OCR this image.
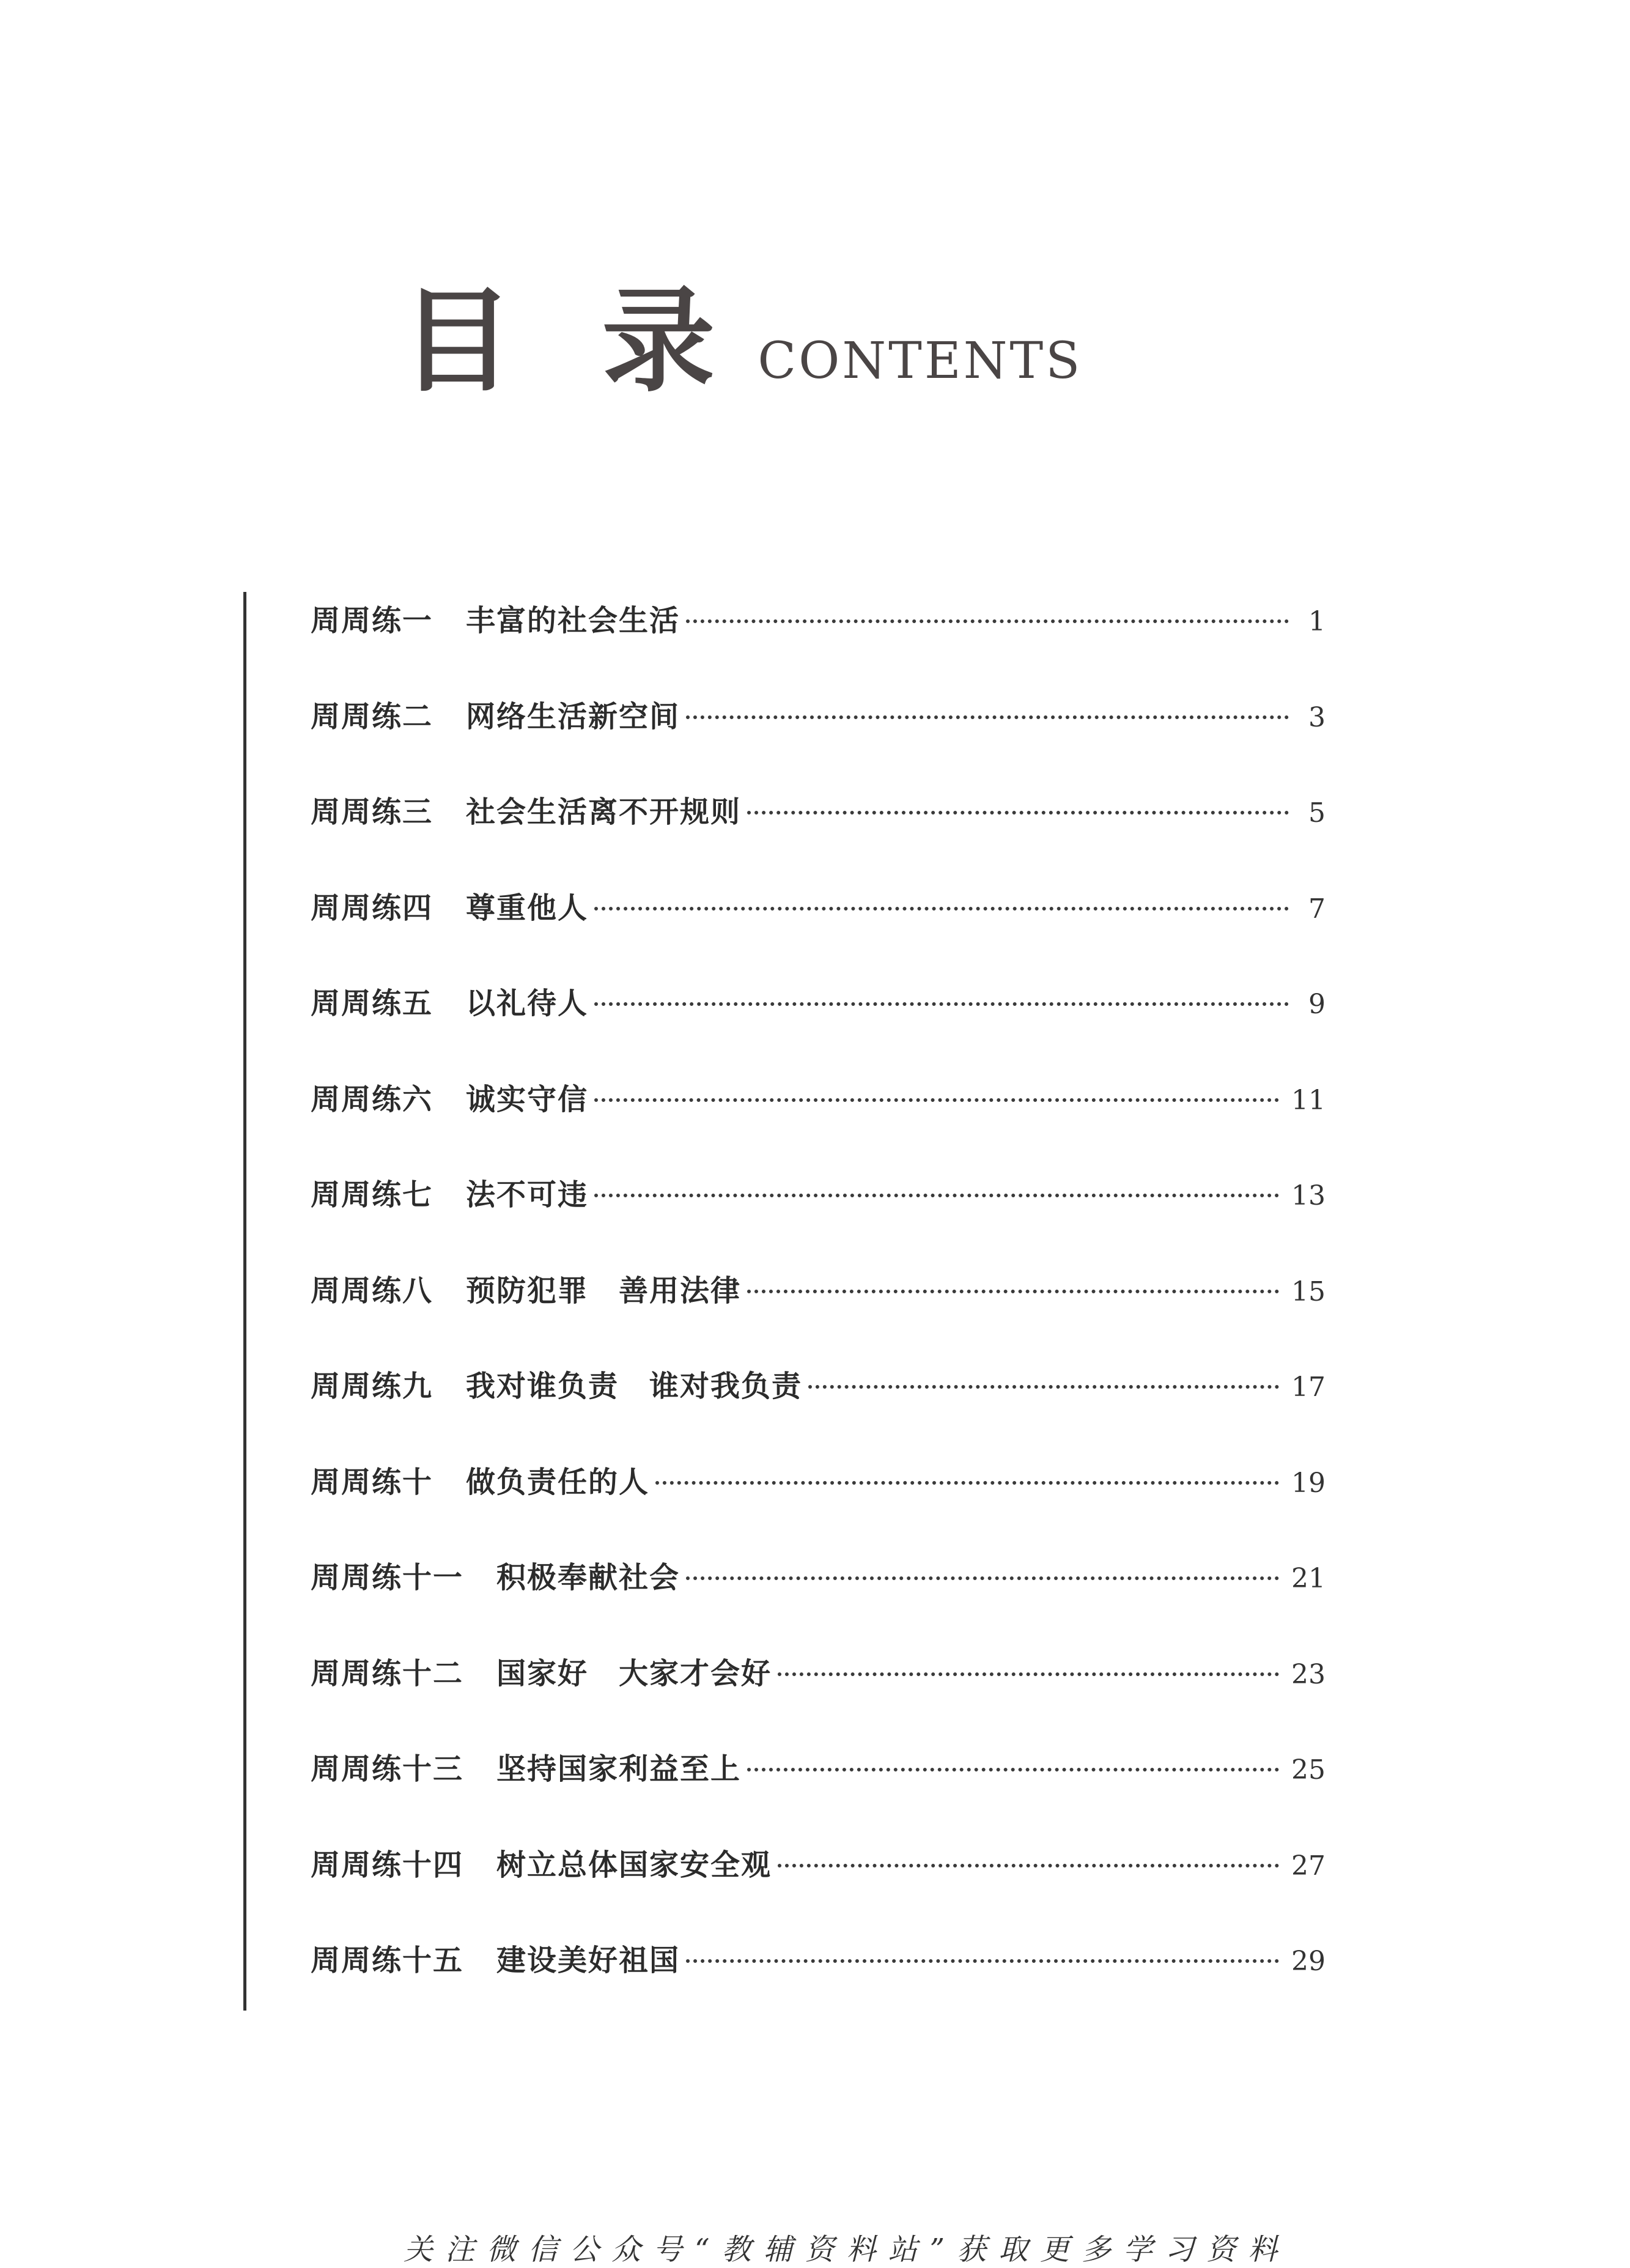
目 录 CONTENTS
周周练一 丰富的社会生活	1
周周练二 网络生活新空间	3
周周练三 社会生活离不开规则	5
周周练四 尊重他人	7
周周练五 以礼待人	9
周周练六 诚实守信	11
周周练七 法不可违	13
周周练八 预防犯罪　善用法律	15
周周练九 我对谁负责　谁对我负责	17
周周练十 做负责任的人	19
周周练十一 积极奉献社会	21
周周练十二 国家好　大家才会好	23
周周练十三 坚持国家利益至上	25
周周练十四 树立总体国家安全观	27
周周练十五 建设美好祖国	29
关注微信公众号“教辅资料站”获取更多学习资料
